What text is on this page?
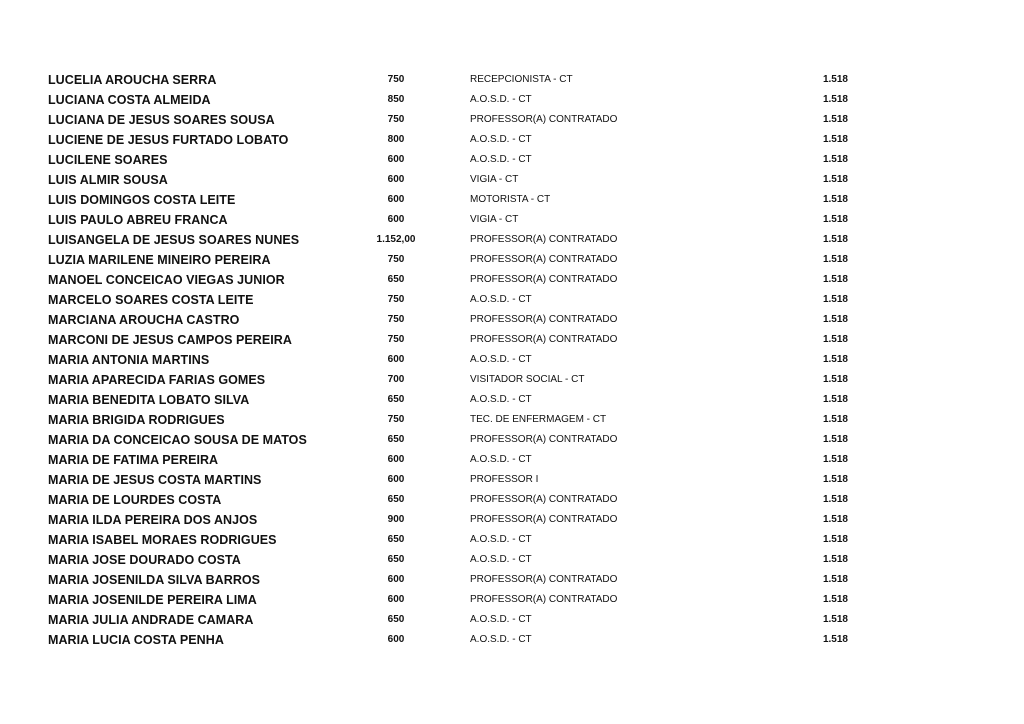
LUCELIA AROUCHA SERRA	750	RECEPCIONISTA - CT	1.518
LUCIANA COSTA ALMEIDA	850	A.O.S.D. - CT	1.518
LUCIANA DE JESUS SOARES SOUSA	750	PROFESSOR(A) CONTRATADO	1.518
LUCIENE DE JESUS FURTADO LOBATO	800	A.O.S.D. - CT	1.518
LUCILENE SOARES	600	A.O.S.D. - CT	1.518
LUIS ALMIR SOUSA	600	VIGIA - CT	1.518
LUIS DOMINGOS COSTA LEITE	600	MOTORISTA - CT	1.518
LUIS PAULO ABREU FRANCA	600	VIGIA - CT	1.518
LUISANGELA DE JESUS SOARES NUNES	1.152,00	PROFESSOR(A) CONTRATADO	1.518
LUZIA MARILENE MINEIRO PEREIRA	750	PROFESSOR(A) CONTRATADO	1.518
MANOEL CONCEICAO VIEGAS JUNIOR	650	PROFESSOR(A) CONTRATADO	1.518
MARCELO SOARES COSTA LEITE	750	A.O.S.D. - CT	1.518
MARCIANA AROUCHA CASTRO	750	PROFESSOR(A) CONTRATADO	1.518
MARCONI DE JESUS CAMPOS PEREIRA	750	PROFESSOR(A) CONTRATADO	1.518
MARIA ANTONIA MARTINS	600	A.O.S.D. - CT	1.518
MARIA APARECIDA FARIAS GOMES	700	VISITADOR SOCIAL - CT	1.518
MARIA BENEDITA LOBATO SILVA	650	A.O.S.D. - CT	1.518
MARIA BRIGIDA RODRIGUES	750	TEC. DE ENFERMAGEM - CT	1.518
MARIA DA CONCEICAO SOUSA DE MATOS	650	PROFESSOR(A) CONTRATADO	1.518
MARIA DE FATIMA PEREIRA	600	A.O.S.D. - CT	1.518
MARIA DE JESUS COSTA MARTINS	600	PROFESSOR I	1.518
MARIA DE LOURDES COSTA	650	PROFESSOR(A) CONTRATADO	1.518
MARIA ILDA PEREIRA DOS ANJOS	900	PROFESSOR(A) CONTRATADO	1.518
MARIA ISABEL MORAES RODRIGUES	650	A.O.S.D. - CT	1.518
MARIA JOSE DOURADO COSTA	650	A.O.S.D. - CT	1.518
MARIA JOSENILDA SILVA BARROS	600	PROFESSOR(A) CONTRATADO	1.518
MARIA JOSENILDE PEREIRA LIMA	600	PROFESSOR(A) CONTRATADO	1.518
MARIA JULIA ANDRADE CAMARA	650	A.O.S.D. - CT	1.518
MARIA LUCIA COSTA PENHA	600	A.O.S.D. - CT	1.518
